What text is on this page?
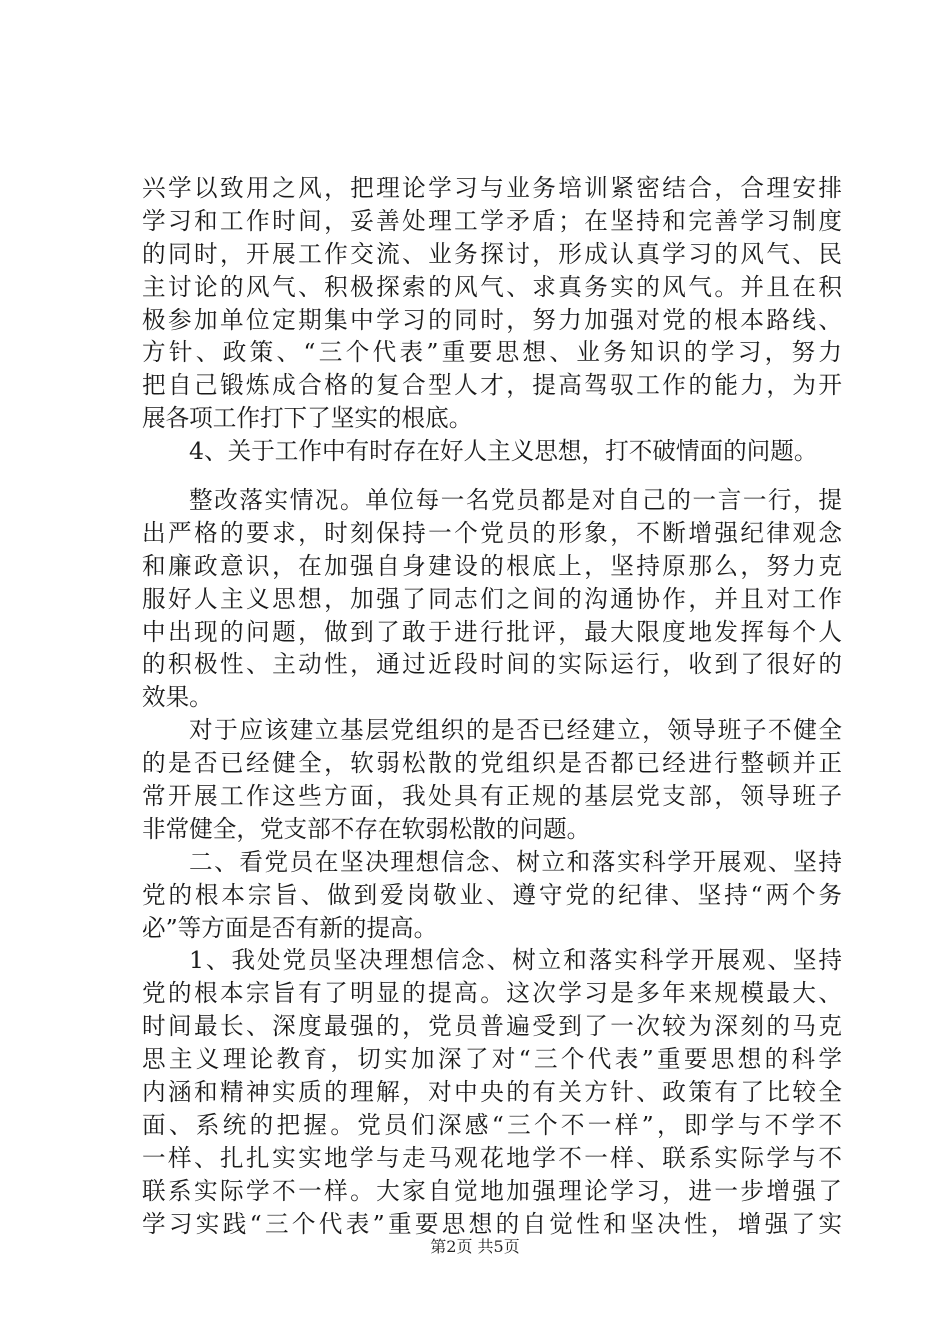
兴学以致用之风，把理论学习与业务培训紧密结合，合理安排
学习和工作时间，妥善处理工学矛盾；在坚持和完善学习制度
的同时，开展工作交流、业务探讨，形成认真学习的风气、民
主讨论的风气、积极探索的风气、求真务实的风气。并且在积
极参加单位定期集中学习的同时，努力加强对党的根本路线、
方针、政策、“三个代表”重要思想、业务知识的学习，努力
把自己锻炼成合格的复合型人才，提高驾驭工作的能力，为开
展各项工作打下了坚实的根底。
4、关于工作中有时存在好人主义思想，打不破情面的问题。
整改落实情况。单位每一名党员都是对自己的一言一行，提
出严格的要求，时刻保持一个党员的形象，不断增强纪律观念
和廉政意识，在加强自身建设的根底上，坚持原那么，努力克
服好人主义思想，加强了同志们之间的沟通协作，并且对工作
中出现的问题，做到了敢于进行批评，最大限度地发挥每个人
的积极性、主动性，通过近段时间的实际运行，收到了很好的
效果。
对于应该建立基层党组织的是否已经建立，领导班子不健全
的是否已经健全，软弱松散的党组织是否都已经进行整顿并正
常开展工作这些方面，我处具有正规的基层党支部，领导班子
非常健全，党支部不存在软弱松散的问题。
二、看党员在坚决理想信念、树立和落实科学开展观、坚持
党的根本宗旨、做到爱岗敬业、遵守党的纪律、坚持“两个务
必”等方面是否有新的提高。
1、我处党员坚决理想信念、树立和落实科学开展观、坚持
党的根本宗旨有了明显的提高。这次学习是多年来规模最大、
时间最长、深度最强的，党员普遍受到了一次较为深刻的马克
思主义理论教育，切实加深了对“三个代表”重要思想的科学
内涵和精神实质的理解，对中央的有关方针、政策有了比较全
面、系统的把握。党员们深感“三个不一样”，即学与不学不
一样、扎扎实实地学与走马观花地学不一样、联系实际学与不
联系实际学不一样。大家自觉地加强理论学习，进一步增强了
学习实践“三个代表”重要思想的自觉性和坚决性，增强了实
第2页 共5页
